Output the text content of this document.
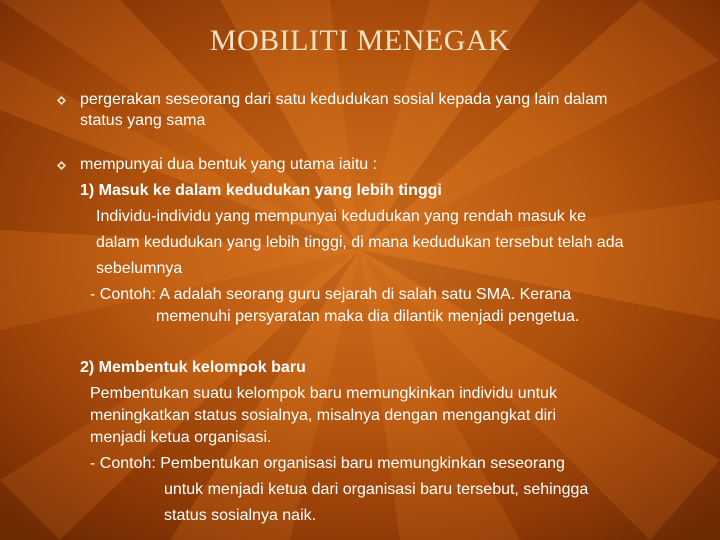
MOBILITI MENEGAK
pergerakan seseorang dari satu kedudukan sosial kepada yang lain dalam
status yang sama
mempunyai dua bentuk yang utama iaitu :
1) Masuk ke dalam kedudukan yang lebih tinggi
Individu-individu yang mempunyai kedudukan yang rendah masuk ke
dalam kedudukan yang lebih tinggi, di mana kedudukan tersebut telah ada
sebelumnya
- Contoh: A adalah seorang guru sejarah di salah satu SMA. Kerana
memenuhi persyaratan maka dia dilantik menjadi pengetua.
2) Membentuk kelompok baru
Pembentukan suatu kelompok baru memungkinkan individu untuk
meningkatkan status sosialnya, misalnya dengan mengangkat diri
menjadi ketua organisasi.
- Contoh: Pembentukan organisasi baru memungkinkan seseorang
untuk menjadi ketua dari organisasi baru tersebut, sehingga
status sosialnya naik.
